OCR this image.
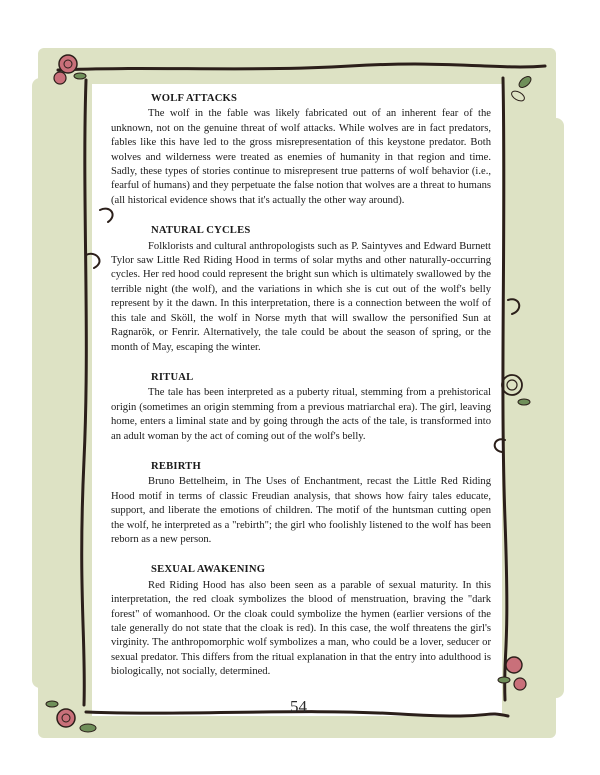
WOLF ATTACKS

The wolf in the fable was likely fabricated out of an inherent fear of the unknown, not on the genuine threat of wolf attacks. While wolves are in fact predators, fables like this have led to the gross misrepresentation of this keystone predator. Both wolves and wilderness were treated as enemies of humanity in that region and time. Sadly, these types of stories continue to misrepresent true patterns of wolf behavior (i.e., fearful of humans) and they perpetuate the false notion that wolves are a threat to humans (all historical evidence shows that it's actually the other way around).

NATURAL CYCLES

Folklorists and cultural anthropologists such as P. Saintyves and Edward Burnett Tylor saw Little Red Riding Hood in terms of solar myths and other naturally-occurring cycles. Her red hood could represent the bright sun which is ultimately swallowed by the terrible night (the wolf), and the variations in which she is cut out of the wolf's belly represent by it the dawn. In this interpretation, there is a connection between the wolf of this tale and Sköll, the wolf in Norse myth that will swallow the personified Sun at Ragnarök, or Fenrir. Alternatively, the tale could be about the season of spring, or the month of May, escaping the winter.

RITUAL

The tale has been interpreted as a puberty ritual, stemming from a prehistorical origin (sometimes an origin stemming from a previous matriarchal era). The girl, leaving home, enters a liminal state and by going through the acts of the tale, is transformed into an adult woman by the act of coming out of the wolf's belly.

REBIRTH

Bruno Bettelheim, in The Uses of Enchantment, recast the Little Red Riding Hood motif in terms of classic Freudian analysis, that shows how fairy tales educate, support, and liberate the emotions of children. The motif of the huntsman cutting open the wolf, he interpreted as a "rebirth"; the girl who foolishly listened to the wolf has been reborn as a new person.

SEXUAL AWAKENING

Red Riding Hood has also been seen as a parable of sexual maturity. In this interpretation, the red cloak symbolizes the blood of menstruation, braving the "dark forest" of womanhood. Or the cloak could symbolize the hymen (earlier versions of the tale generally do not state that the cloak is red). In this case, the wolf threatens the girl's virginity. The anthropomorphic wolf symbolizes a man, who could be a lover, seducer or sexual predator. This differs from the ritual explanation in that the entry into adulthood is biologically, not socially, determined.

54
